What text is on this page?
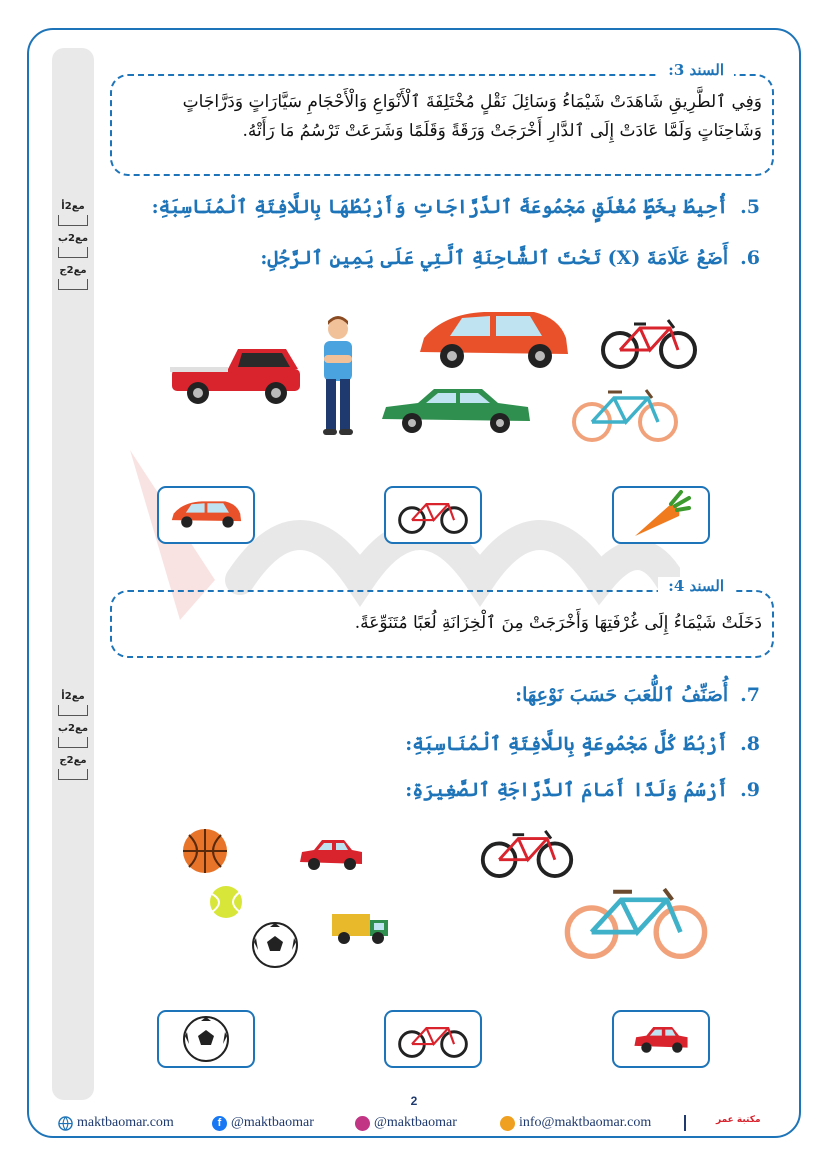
مع2أ
مع2ب
مع2ج
مع2أ
مع2ب
مع2ج
السند 3:
وَفِي ٱلطَّرِيقِ شَاهَدَتْ شَيْمَاءُ وَسَائِلَ نَقْلٍ مُخْتَلِفَةَ ٱلْأَنْوَاعِ وَالْأَحْجَامِ سَيَّارَاتٍ وَدَرَّاجَاتٍ
وَشَاحِنَاتٍ وَلَمَّا عَادَتْ إِلَى ٱلدَّارِ أَخْرَجَتْ وَرَقَةً وَقَلَمًا وَشَرَعَتْ تَرْسُمُ مَا رَأَتْهُ.
5.أُحِيطُ بِخَطٍّ مُغْلَقٍ مَجْمُوعَةَ ٱلدَّرَّاجَاتِ وَأَرْبُطُهَا بِاللَّافِتَةِ ٱلْمُنَاسِبَةِ:
6.أَضَعُ عَلَامَةَ (X) تَحْتَ ٱلشَّاحِنَةِ ٱلَّتِي عَلَى يَمِينِ ٱلرَّجُلِ:
السند 4:
دَخَلَتْ شَيْمَاءُ إِلَى غُرْفَتِهَا وَأَخْرَجَتْ مِنَ ٱلْخِزَانَةِ لُعَبًا مُتَنَوِّعَةً.
7.أُصَنِّفُ ٱللُّعَبَ حَسَبَ نَوْعِهَا:
8.أَرْبُطُ كُلَّ مَجْمُوعَةٍ بِاللَّافِتَةِ ٱلْمُنَاسِبَةِ:
9.أَرْسُمُ وَلَدًا أَمَامَ ٱلدَّرَّاجَةِ ٱلصَّغِيرَةِ:
2
maktbaomar.com	f @maktbaomar	@maktbaomar	info@maktbaomar.com	مكتبة عمر
